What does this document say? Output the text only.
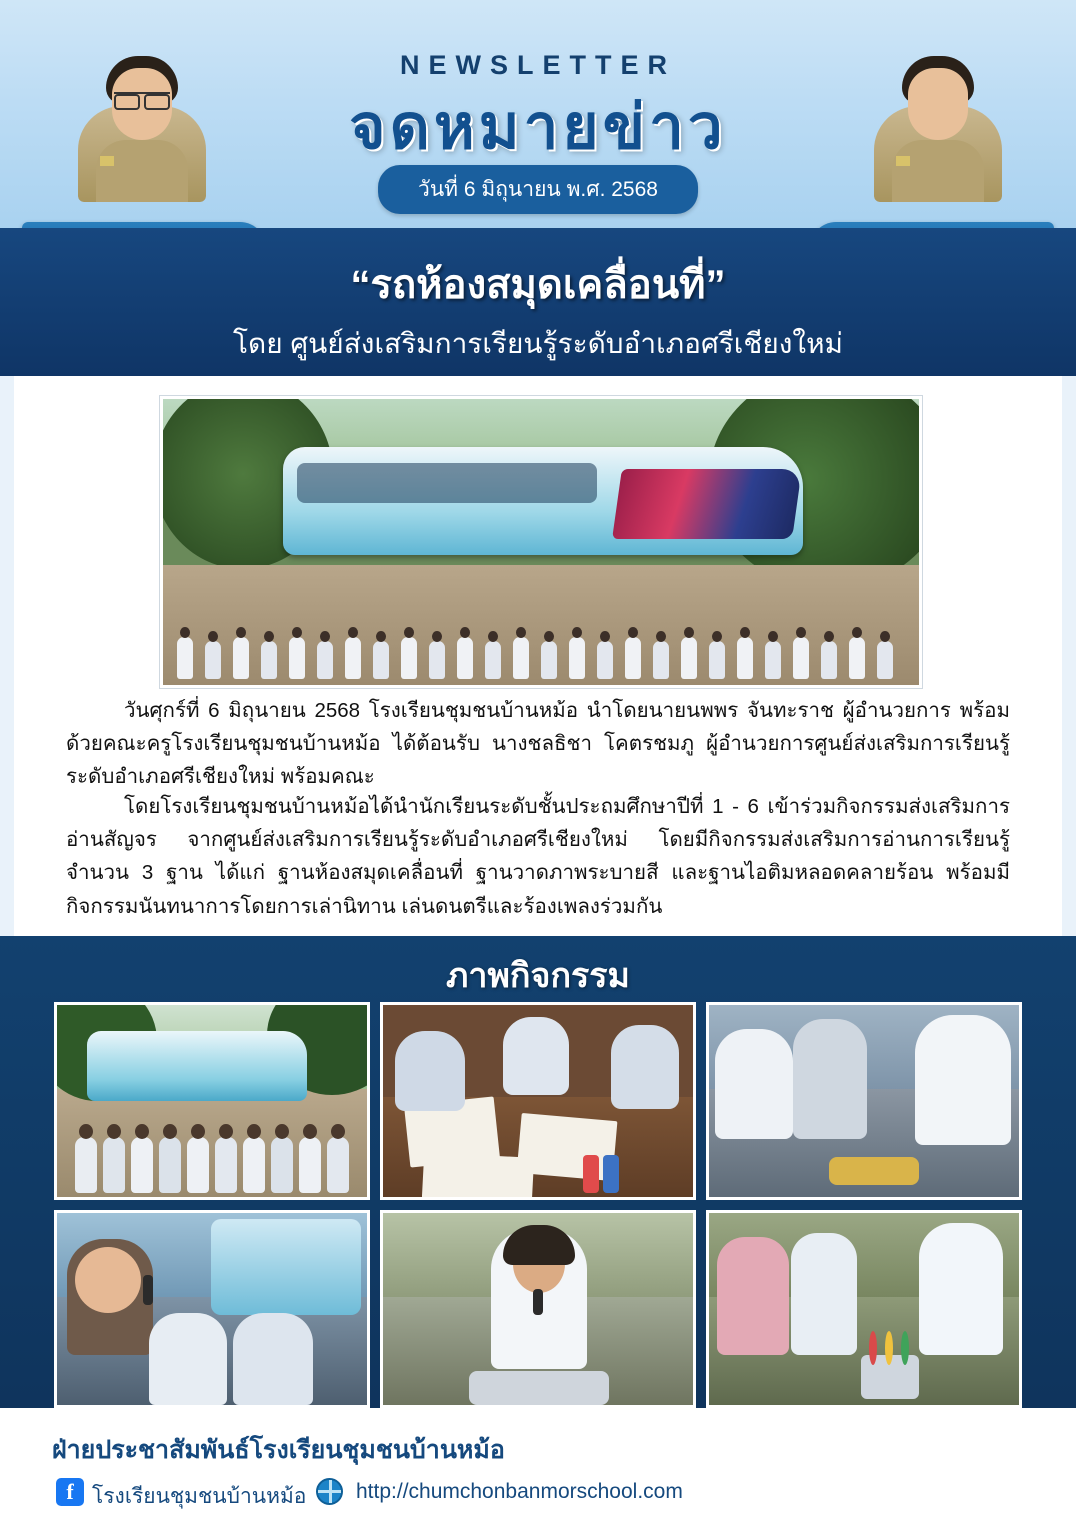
NEWSLETTER
จดหมายข่าว
วันที่ 6 มิถุนายน พ.ศ. 2568
“รถห้องสมุดเคลื่อนที่”
โดย ศูนย์ส่งเสริมการเรียนรู้ระดับอำเภอศรีเชียงใหม่
วันศุกร์ที่ 6 มิถุนายน 2568 โรงเรียนชุมชนบ้านหม้อ นำโดยนายนพพร จันทะราช ผู้อำนวยการ พร้อมด้วยคณะครูโรงเรียนชุมชนบ้านหม้อ ได้ต้อนรับ นางชลธิชา โคตรชมภู ผู้อำนวยการศูนย์ส่งเสริมการเรียนรู้ระดับอำเภอศรีเชียงใหม่ พร้อมคณะ
โดยโรงเรียนชุมชนบ้านหม้อได้นำนักเรียนระดับชั้นประถมศึกษาปีที่ 1 - 6 เข้าร่วมกิจกรรมส่งเสริมการอ่านสัญจร จากศูนย์ส่งเสริมการเรียนรู้ระดับอำเภอศรีเชียงใหม่ โดยมีกิจกรรมส่งเสริมการอ่านการเรียนรู้ จำนวน 3 ฐาน ได้แก่ ฐานห้องสมุดเคลื่อนที่ ฐานวาดภาพระบายสี และฐานไอติมหลอดคลายร้อน พร้อมมีกิจกรรมนันทนาการโดยการเล่านิทาน เล่นดนตรีและร้องเพลงร่วมกัน
ภาพกิจกรรม
ฝ่ายประชาสัมพันธ์โรงเรียนชุมชนบ้านหม้อ
f โรงเรียนชุมชนบ้านหม้อ http://chumchonbanmorschool.com
